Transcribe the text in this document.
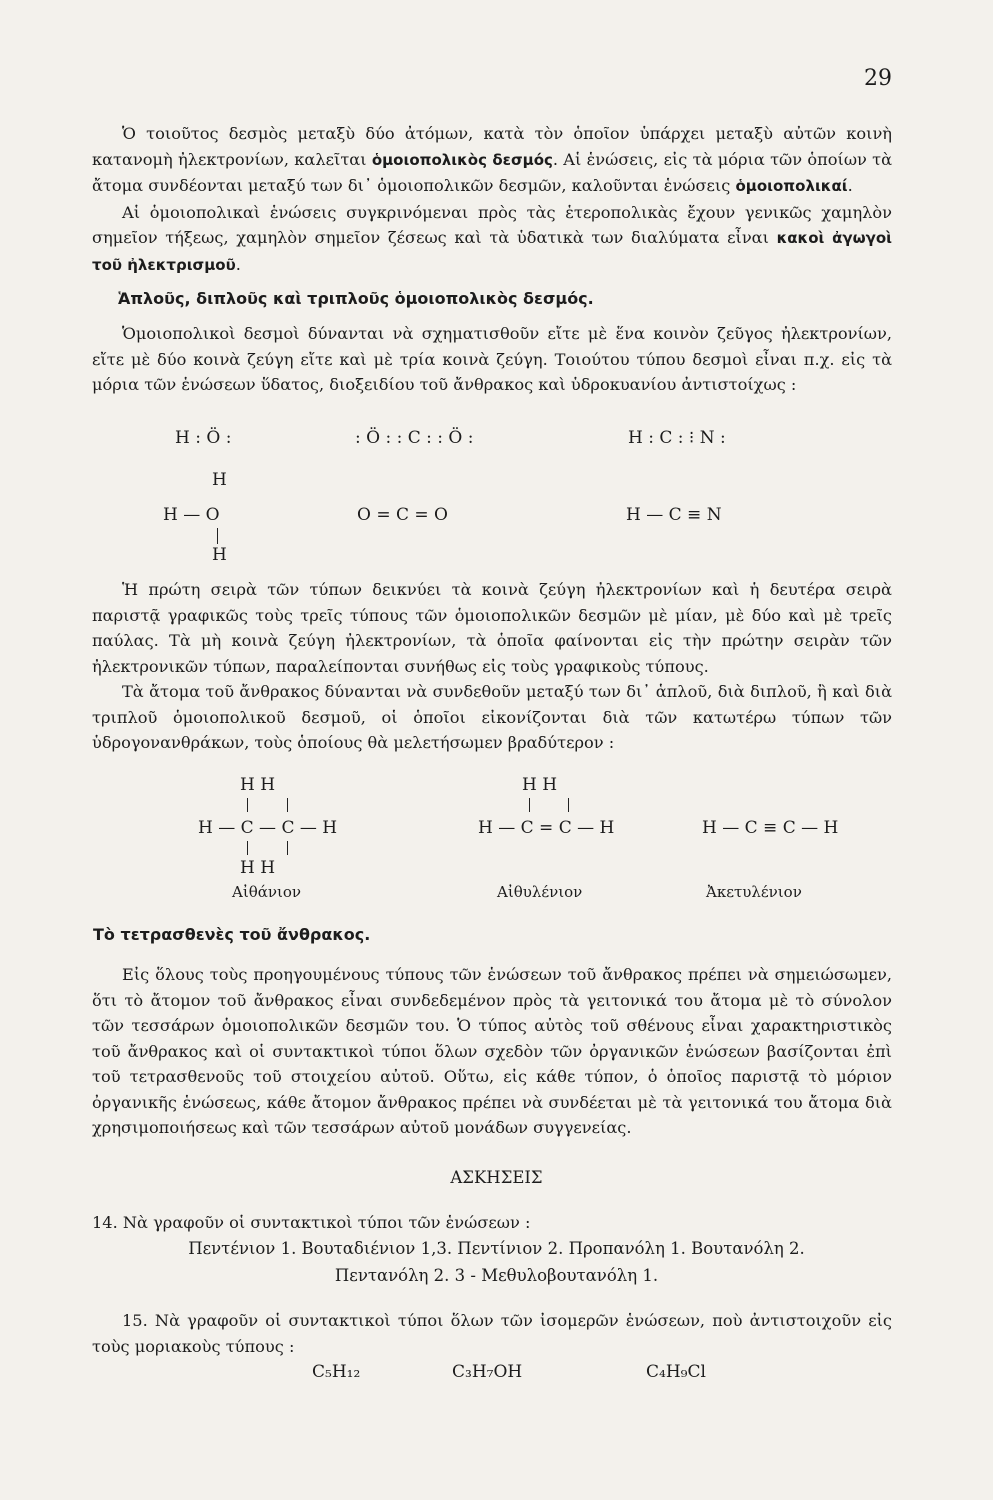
29

Ὁ τοιοῦτος δεσμὸς μεταξὺ δύο ἀτόμων, κατὰ τὸν ὁποῖον ὑπάρχει μεταξὺ αὐτῶν κοινὴ κατανομὴ ἠλεκτρονίων, καλεῖται ὁμοιοπολικὸς δεσμός. Αἱ ἑνώσεις, εἰς τὰ μόρια τῶν ὁποίων τὰ ἄτομα συνδέονται μεταξύ των δι᾽ ὁμοιοπολικῶν δεσμῶν, καλοῦνται ἑνώσεις ὁμοιοπολικαί.

Αἱ ὁμοιοπολικαὶ ἑνώσεις συγκρινόμεναι πρὸς τὰς ἑτεροπολικὰς ἔχουν γενικῶς χαμηλὸν σημεῖον τήξεως, χαμηλὸν σημεῖον ζέσεως καὶ τὰ ὑδατικὰ των διαλύματα εἶναι κακοὶ ἀγωγοὶ τοῦ ἠλεκτρισμοῦ.

Ἁπλοῦς, διπλοῦς καὶ τριπλοῦς ὁμοιοπολικὸς δεσμός.

Ὁμοιοπολικοὶ δεσμοὶ δύνανται νὰ σχηματισθοῦν εἴτε μὲ ἕνα κοινὸν ζεῦγος ἠλεκτρονίων, εἴτε μὲ δύο κοινὰ ζεύγη εἴτε καὶ μὲ τρία κοινὰ ζεύγη. Τοιούτου τύπου δεσμοὶ εἶναι π.χ. εἰς τὰ μόρια τῶν ἑνώσεων ὕδατος, διοξειδίου τοῦ ἄνθρακος καὶ ὑδροκυανίου ἀντιστοίχως :

H : Ö :	: Ö : : C : : Ö :	H : C : ⁝ N :
H
H — O
H
O = C = O	H — C ≡ N

Ἡ πρώτη σειρὰ τῶν τύπων δεικνύει τὰ κοινὰ ζεύγη ἠλεκτρονίων καὶ ἡ δευτέρα σειρὰ παριστᾷ γραφικῶς τοὺς τρεῖς τύπους τῶν ὁμοιοπολικῶν δεσμῶν μὲ μίαν, μὲ δύο καὶ μὲ τρεῖς παύλας. Τὰ μὴ κοινὰ ζεύγη ἠλεκτρονίων, τὰ ὁποῖα φαίνονται εἰς τὴν πρώτην σειρὰν τῶν ἠλεκτρονικῶν τύπων, παραλείπονται συνήθως εἰς τοὺς γραφικοὺς τύπους.

Τὰ ἄτομα τοῦ ἄνθρακος δύνανται νὰ συνδεθοῦν μεταξύ των δι᾽ ἁπλοῦ, διὰ διπλοῦ, ἢ καὶ διὰ τριπλοῦ ὁμοιοπολικοῦ δεσμοῦ, οἱ ὁποῖοι εἰκονίζονται διὰ τῶν κατωτέρω τύπων τῶν ὑδρογονανθράκων, τοὺς ὁποίους θὰ μελετήσωμεν βραδύτερον :

H H
H — C — C — H
H H
Αἰθάνιον
H H
H — C = C — H
Αἰθυλένιον
H — C ≡ C — H
Ἀκετυλένιον
Τὸ τετρασθενὲς τοῦ ἄνθρακος.

Εἰς ὅλους τοὺς προηγουμένους τύπους τῶν ἑνώσεων τοῦ ἄνθρακος πρέπει νὰ σημειώσωμεν, ὅτι τὸ ἄτομον τοῦ ἄνθρακος εἶναι συνδεδεμένον πρὸς τὰ γειτονικά του ἄτομα μὲ τὸ σύνολον τῶν τεσσάρων ὁμοιοπολικῶν δεσμῶν του. Ὁ τύπος αὐτὸς τοῦ σθένους εἶναι χαρακτηριστικὸς τοῦ ἄνθρακος καὶ οἱ συντακτικοὶ τύποι ὅλων σχεδὸν τῶν ὀργανικῶν ἑνώσεων βασίζονται ἐπὶ τοῦ τετρασθενοῦς τοῦ στοιχείου αὐτοῦ. Οὕτω, εἰς κάθε τύπον, ὁ ὁποῖος παριστᾷ τὸ μόριον ὀργανικῆς ἑνώσεως, κάθε ἄτομον ἄνθρακος πρέπει νὰ συνδέεται μὲ τὰ γειτονικά του ἄτομα διὰ χρησιμοποιήσεως καὶ τῶν τεσσάρων αὐτοῦ μονάδων συγγενείας.

ΑΣΚΗΣΕΙΣ

14. Νὰ γραφοῦν οἱ συντακτικοὶ τύποι τῶν ἑνώσεων :

Πεντένιον 1. Βουταδιένιον 1,3. Πεντίνιον 2. Προπανόλη 1. Βουτανόλη 2.
Πεντανόλη 2. 3 - Μεθυλοβουτανόλη 1.

15. Νὰ γραφοῦν οἱ συντακτικοὶ τύποι ὅλων τῶν ἰσομερῶν ἑνώσεων, ποὺ ἀντιστοιχοῦν εἰς τοὺς μοριακοὺς τύπους :

C₅H₁₂	C₃H₇OH	C₄H₉Cl
